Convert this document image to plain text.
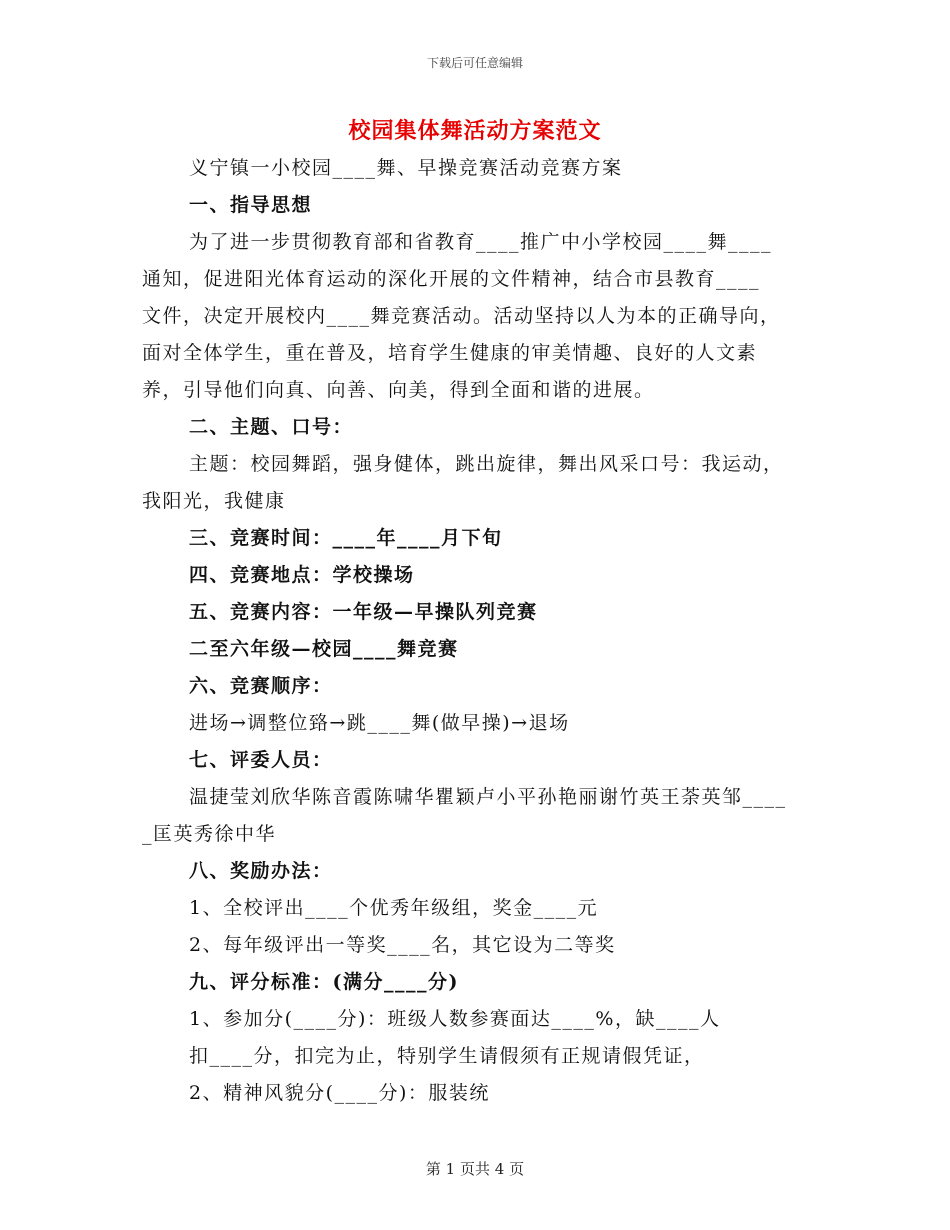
下载后可任意编辑
校园集体舞活动方案范文
义宁镇一小校园____舞、早操竞赛活动竞赛方案
一、指导思想
为了进一步贯彻教育部和省教育____推广中小学校园____舞____
通知，促进阳光体育运动的深化开展的文件精神，结合市县教育____
文件，决定开展校内____舞竞赛活动。活动坚持以人为本的正确导向，
面对全体学生，重在普及，培育学生健康的审美情趣、良好的人文素
养，引导他们向真、向善、向美，得到全面和谐的进展。
二、主题、口号：
主题：校园舞蹈，强身健体，跳出旋律，舞出风采口号：我运动，
我阳光，我健康
三、竞赛时间：____年____月下旬
四、竞赛地点：学校操场
五、竞赛内容：一年级—早操队列竞赛
二至六年级—校园____舞竞赛
六、竞赛顺序：
进场→调整位臵→跳____舞(做早操)→退场
七、评委人员：
温捷莹刘欣华陈音霞陈啸华瞿颖卢小平孙艳丽谢竹英王荼英邹____
_匡英秀徐中华
八、奖励办法：
1、全校评出____个优秀年级组，奖金____元
2、每年级评出一等奖____名，其它设为二等奖
九、评分标准：(满分____分)
1、参加分(____分)：班级人数参赛面达____%，缺____人
扣____分，扣完为止，特别学生请假须有正规请假凭证，
2、精神风貌分(____分)：服装统
第 1 页共 4 页
